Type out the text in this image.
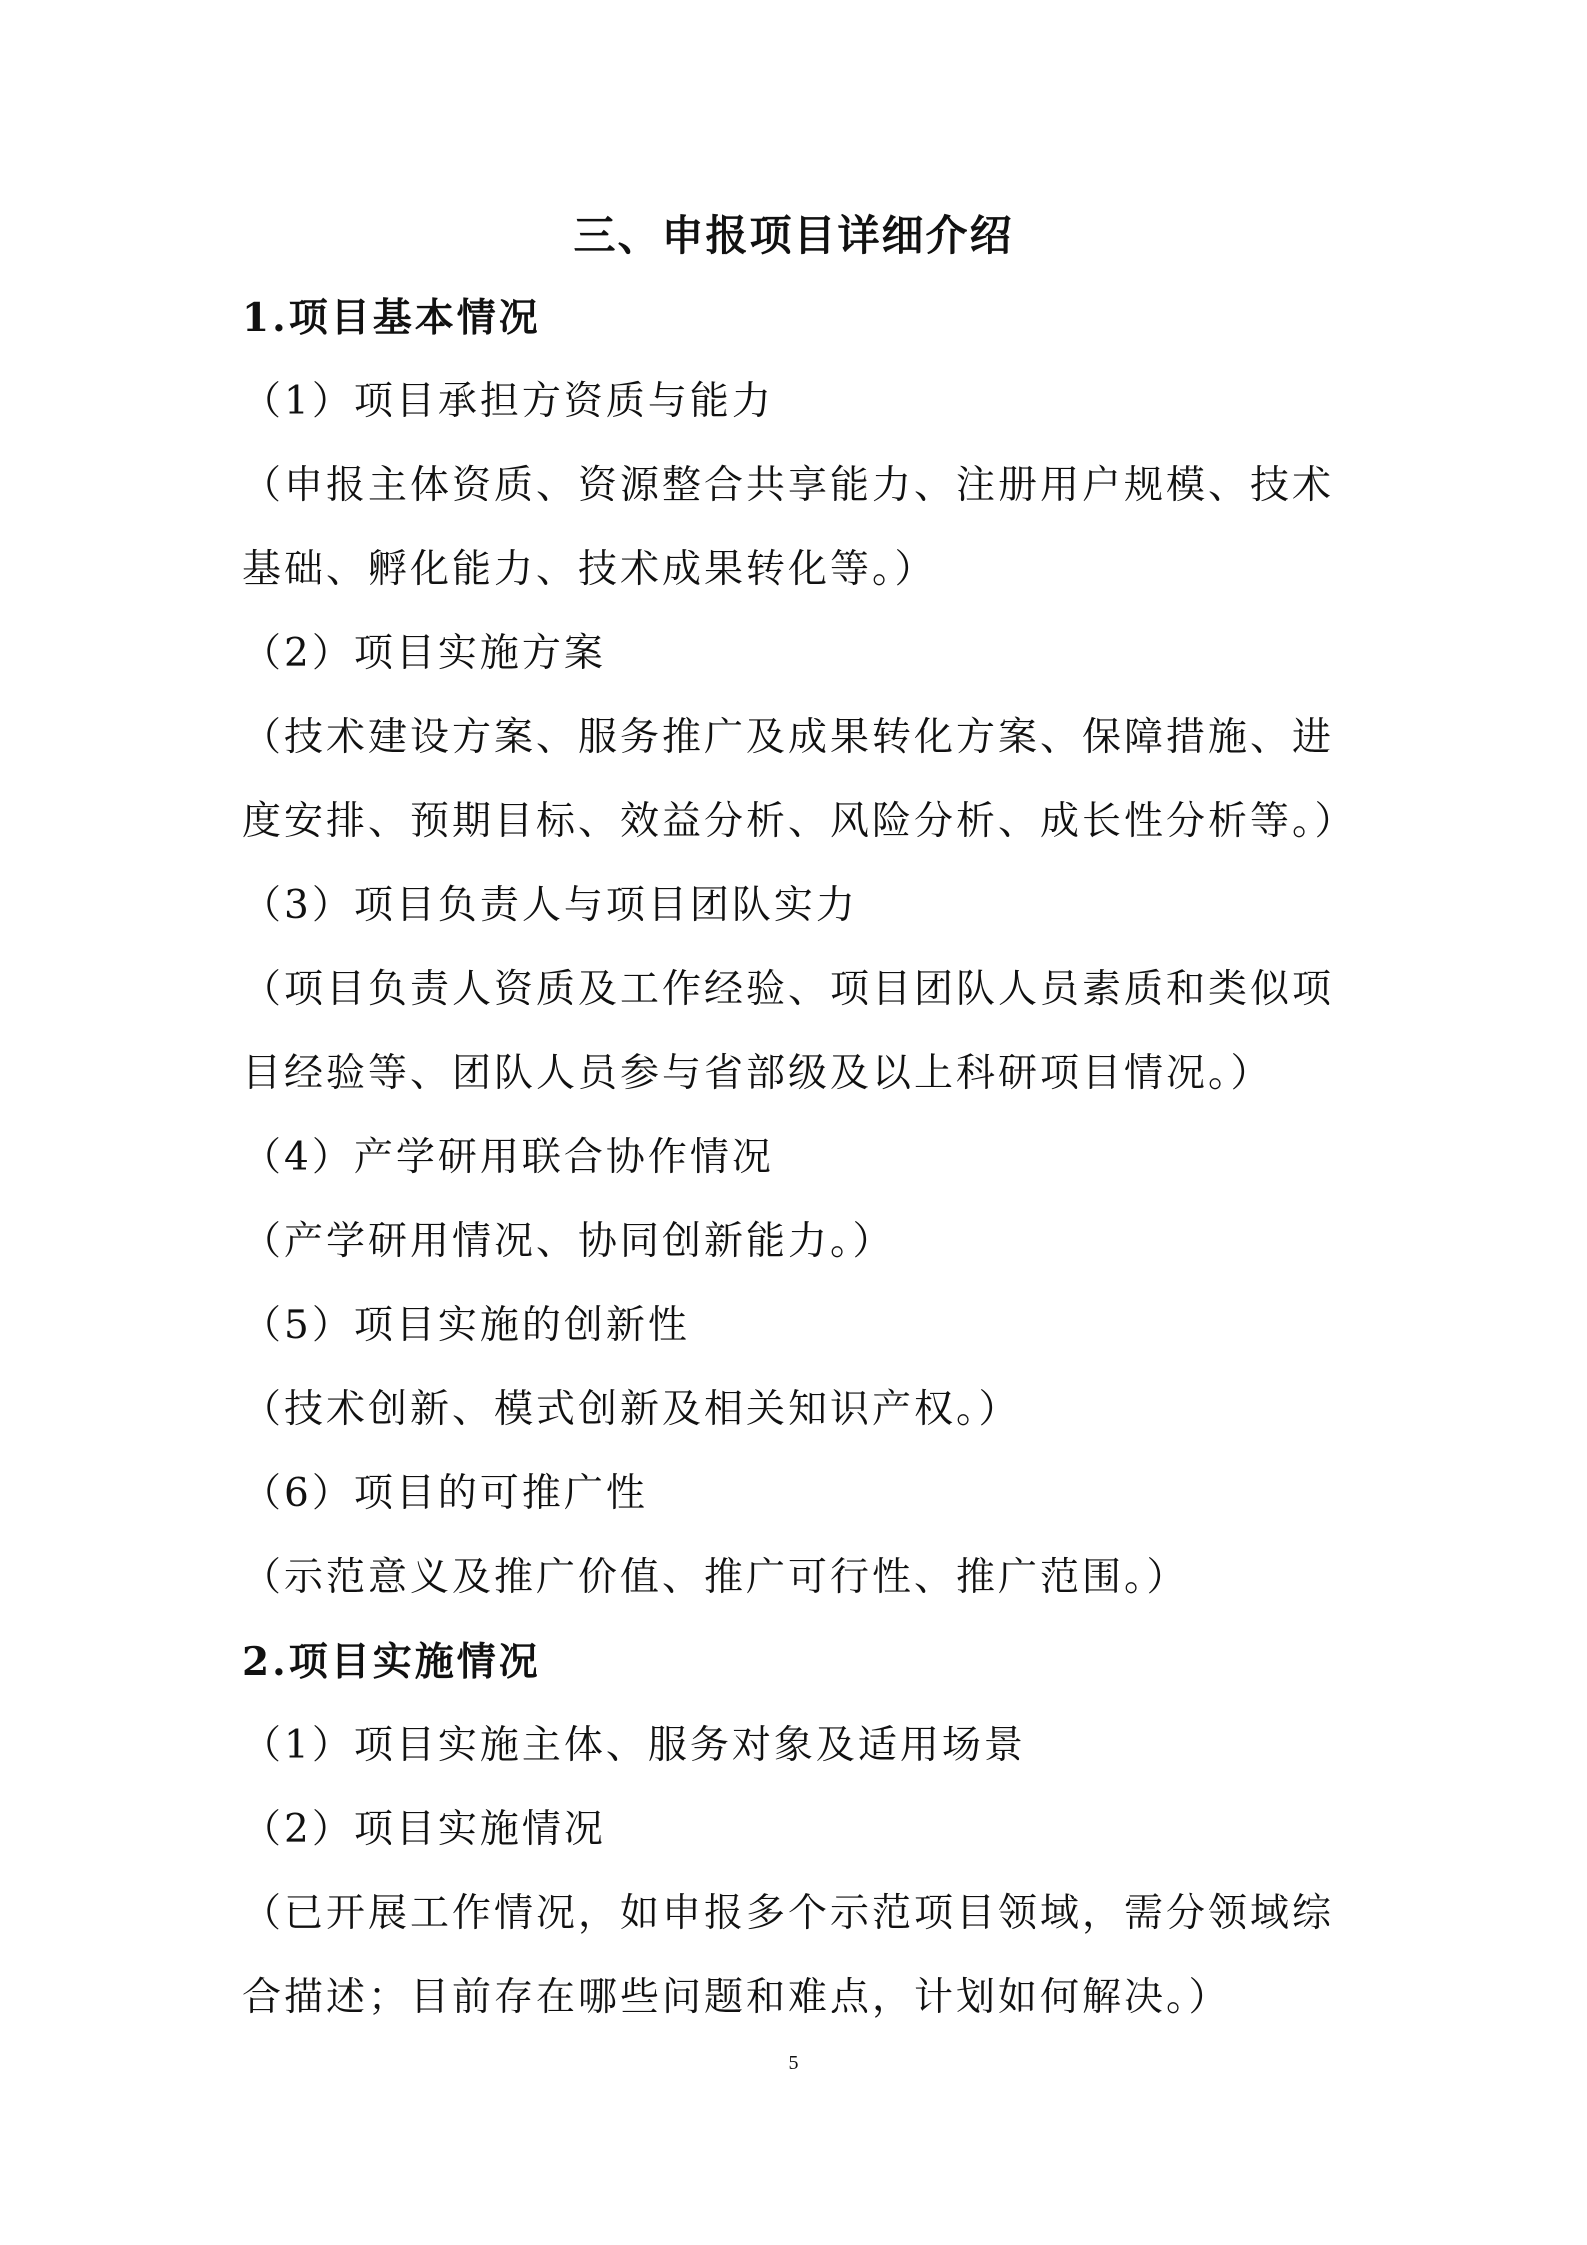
三、申报项目详细介绍
1.项目基本情况
（1）项目承担方资质与能力
（申报主体资质、资源整合共享能力、注册用户规模、技术
基础、孵化能力、技术成果转化等。）
（2）项目实施方案
（技术建设方案、服务推广及成果转化方案、保障措施、进
度安排、预期目标、效益分析、风险分析、成长性分析等。）
（3）项目负责人与项目团队实力
（项目负责人资质及工作经验、项目团队人员素质和类似项
目经验等、团队人员参与省部级及以上科研项目情况。）
（4）产学研用联合协作情况
（产学研用情况、协同创新能力。）
（5）项目实施的创新性
（技术创新、模式创新及相关知识产权。）
（6）项目的可推广性
（示范意义及推广价值、推广可行性、推广范围。）
2.项目实施情况
（1）项目实施主体、服务对象及适用场景
（2）项目实施情况
（已开展工作情况，如申报多个示范项目领域，需分领域综
合描述；目前存在哪些问题和难点，计划如何解决。）
5
